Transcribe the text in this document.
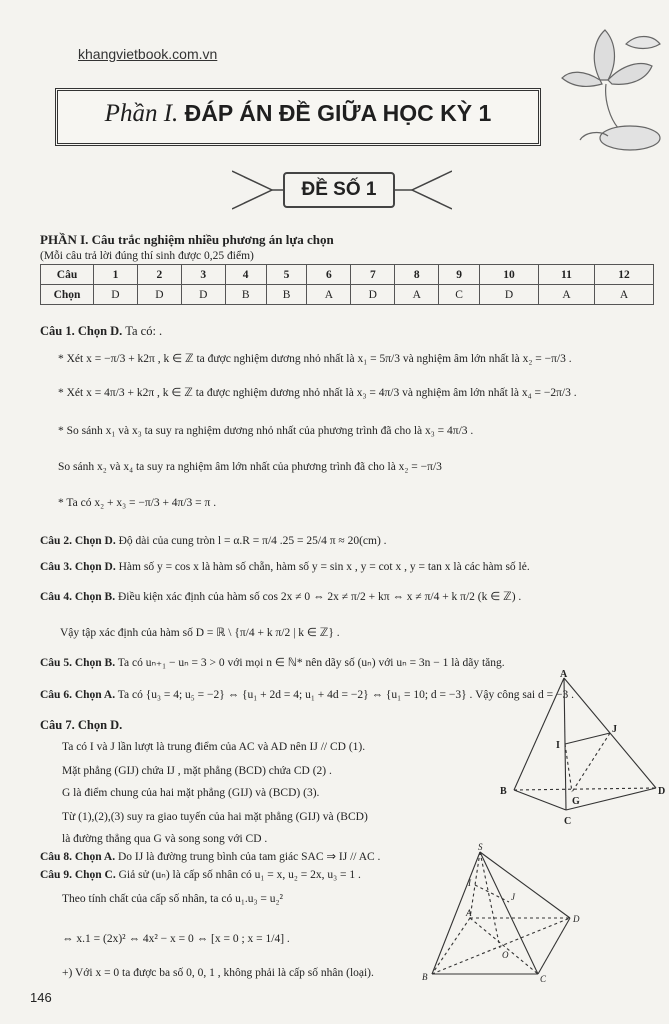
khangvietbook.com.vn
Phần I. ĐÁP ÁN ĐỀ GIỮA HỌC KỲ 1
ĐỀ SỐ 1
PHẦN I. Câu trắc nghiệm nhiều phương án lựa chọn
(Mỗi câu trả lời đúng thí sinh được 0,25 điểm)
Câu	1	2	3	4	5	6	7	8	9	10	11	12
Chọn	D	D	D	B	B	A	D	A	C	D	A	A
Câu 1. Chọn D. Ta có: .
* Xét x = −π/3 + k2π , k ∈ ℤ ta được nghiệm dương nhỏ nhất là x₁ = 5π/3 và nghiệm âm lớn nhất là x₂ = −π/3 .
* Xét x = 4π/3 + k2π , k ∈ ℤ ta được nghiệm dương nhỏ nhất là x₃ = 4π/3 và nghiệm âm lớn nhất là x₄ = −2π/3 .
* So sánh x₁ và x₃ ta suy ra nghiệm dương nhỏ nhất của phương trình đã cho là x₃ = 4π/3 .
So sánh x₂ và x₄ ta suy ra nghiệm âm lớn nhất của phương trình đã cho là x₂ = −π/3
* Ta có x₂ + x₃ = −π/3 + 4π/3 = π .
Câu 2. Chọn D. Độ dài của cung tròn l = α.R = π/4 .25 = 25/4 π ≈ 20(cm) .
Câu 3. Chọn D. Hàm số y = cos x là hàm số chẵn, hàm số y = sin x , y = cot x , y = tan x là các hàm số lẻ.
Câu 4. Chọn B. Điều kiện xác định của hàm số cos 2x ≠ 0 ⇔ 2x ≠ π/2 + kπ ⇔ x ≠ π/4 + k π/2 (k ∈ ℤ) .
Vậy tập xác định của hàm số D = ℝ \ {π/4 + k π/2 | k ∈ ℤ} .
Câu 5. Chọn B. Ta có uₙ₊₁ − uₙ = 3 > 0 với mọi n ∈ ℕ* nên dãy số (uₙ) với uₙ = 3n − 1 là dãy tăng.
Câu 6. Chọn A. Ta có {u₃ = 4; u₅ = −2} ⇔ {u₁ + 2d = 4; u₁ + 4d = −2} ⇔ {u₁ = 10; d = −3} . Vậy công sai d = −3 .
Câu 7. Chọn D.
Ta có I và J lần lượt là trung điểm của AC và AD nên IJ // CD (1).
Mặt phẳng (GIJ) chứa IJ , mặt phẳng (BCD) chứa CD (2) .
G là điểm chung của hai mặt phẳng (GIJ) và (BCD) (3).
Từ (1),(2),(3) suy ra giao tuyến của hai mặt phẳng (GIJ) và (BCD)
là đường thẳng qua G và song song với CD .
Câu 8. Chọn A. Do IJ là đường trung bình của tam giác SAC ⇒ IJ // AC .
Câu 9. Chọn C. Giả sử (uₙ) là cấp số nhân có u₁ = x, u₂ = 2x, u₃ = 1 .
Theo tính chất của cấp số nhân, ta có u₁.u₃ = u₂²
⇔ x.1 = (2x)² ⇔ 4x² − x = 0 ⇔ [x = 0 ; x = 1/4] .
+) Với x = 0 ta được ba số 0, 0, 1 , không phải là cấp số nhân (loại).
A
B
C
D
G
I
J
S
A
B	C
D
I
J
O
146
